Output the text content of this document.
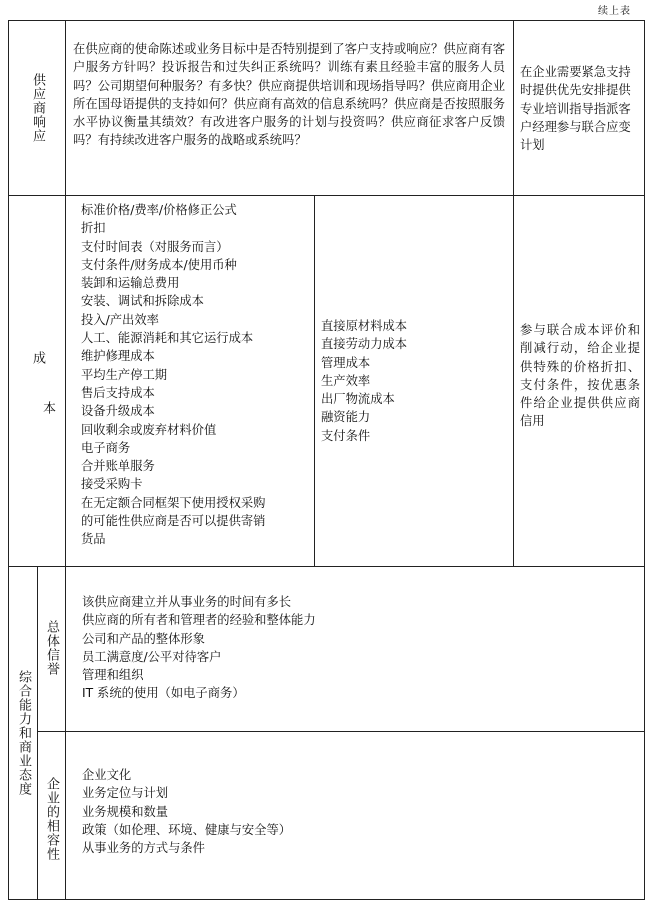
续上表
供应商响应
在供应商的使命陈述或业务目标中是否特别提到了客户支持或响应？供应商有客户服务方针吗？投诉报告和过失纠正系统吗？训练有素且经验丰富的服务人员吗？公司期望何种服务？有多快？供应商提供培训和现场指导吗？供应商用企业所在国母语提供的支持如何？供应商有高效的信息系统吗？供应商是否按照服务水平协议衡量其绩效？有改进客户服务的计划与投资吗？供应商征求客户反馈吗？有持续改进客户服务的战略或系统吗？
在企业需要紧急支持时提供优先安排提供专业培训指导指派客户经理参与联合应变计划
成
本
标准价格/费率/价格修正公式
折扣
支付时间表（对服务而言）
支付条件/财务成本/使用币种
装卸和运输总费用
安装、调试和拆除成本
投入/产出效率
人工、能源消耗和其它运行成本
维护修理成本
平均生产停工期
售后支持成本
设备升级成本
回收剩余或废弃材料价值
电子商务
合并账单服务
接受采购卡
在无定额合同框架下使用授权采购
的可能性供应商是否可以提供寄销
货品
直接原材料成本
直接劳动力成本
管理成本
生产效率
出厂物流成本
融资能力
支付条件
参与联合成本评价和削减行动，给企业提供特殊的价格折扣、支付条件，按优惠条件给企业提供供应商信用
综合能力和商业态度
总体信誉
该供应商建立并从事业务的时间有多长
供应商的所有者和管理者的经验和整体能力
公司和产品的整体形象
员工满意度/公平对待客户
管理和组织
IT 系统的使用（如电子商务）
企业的相容性
企业文化
业务定位与计划
业务规模和数量
政策（如伦理、环境、健康与安全等）
从事业务的方式与条件
